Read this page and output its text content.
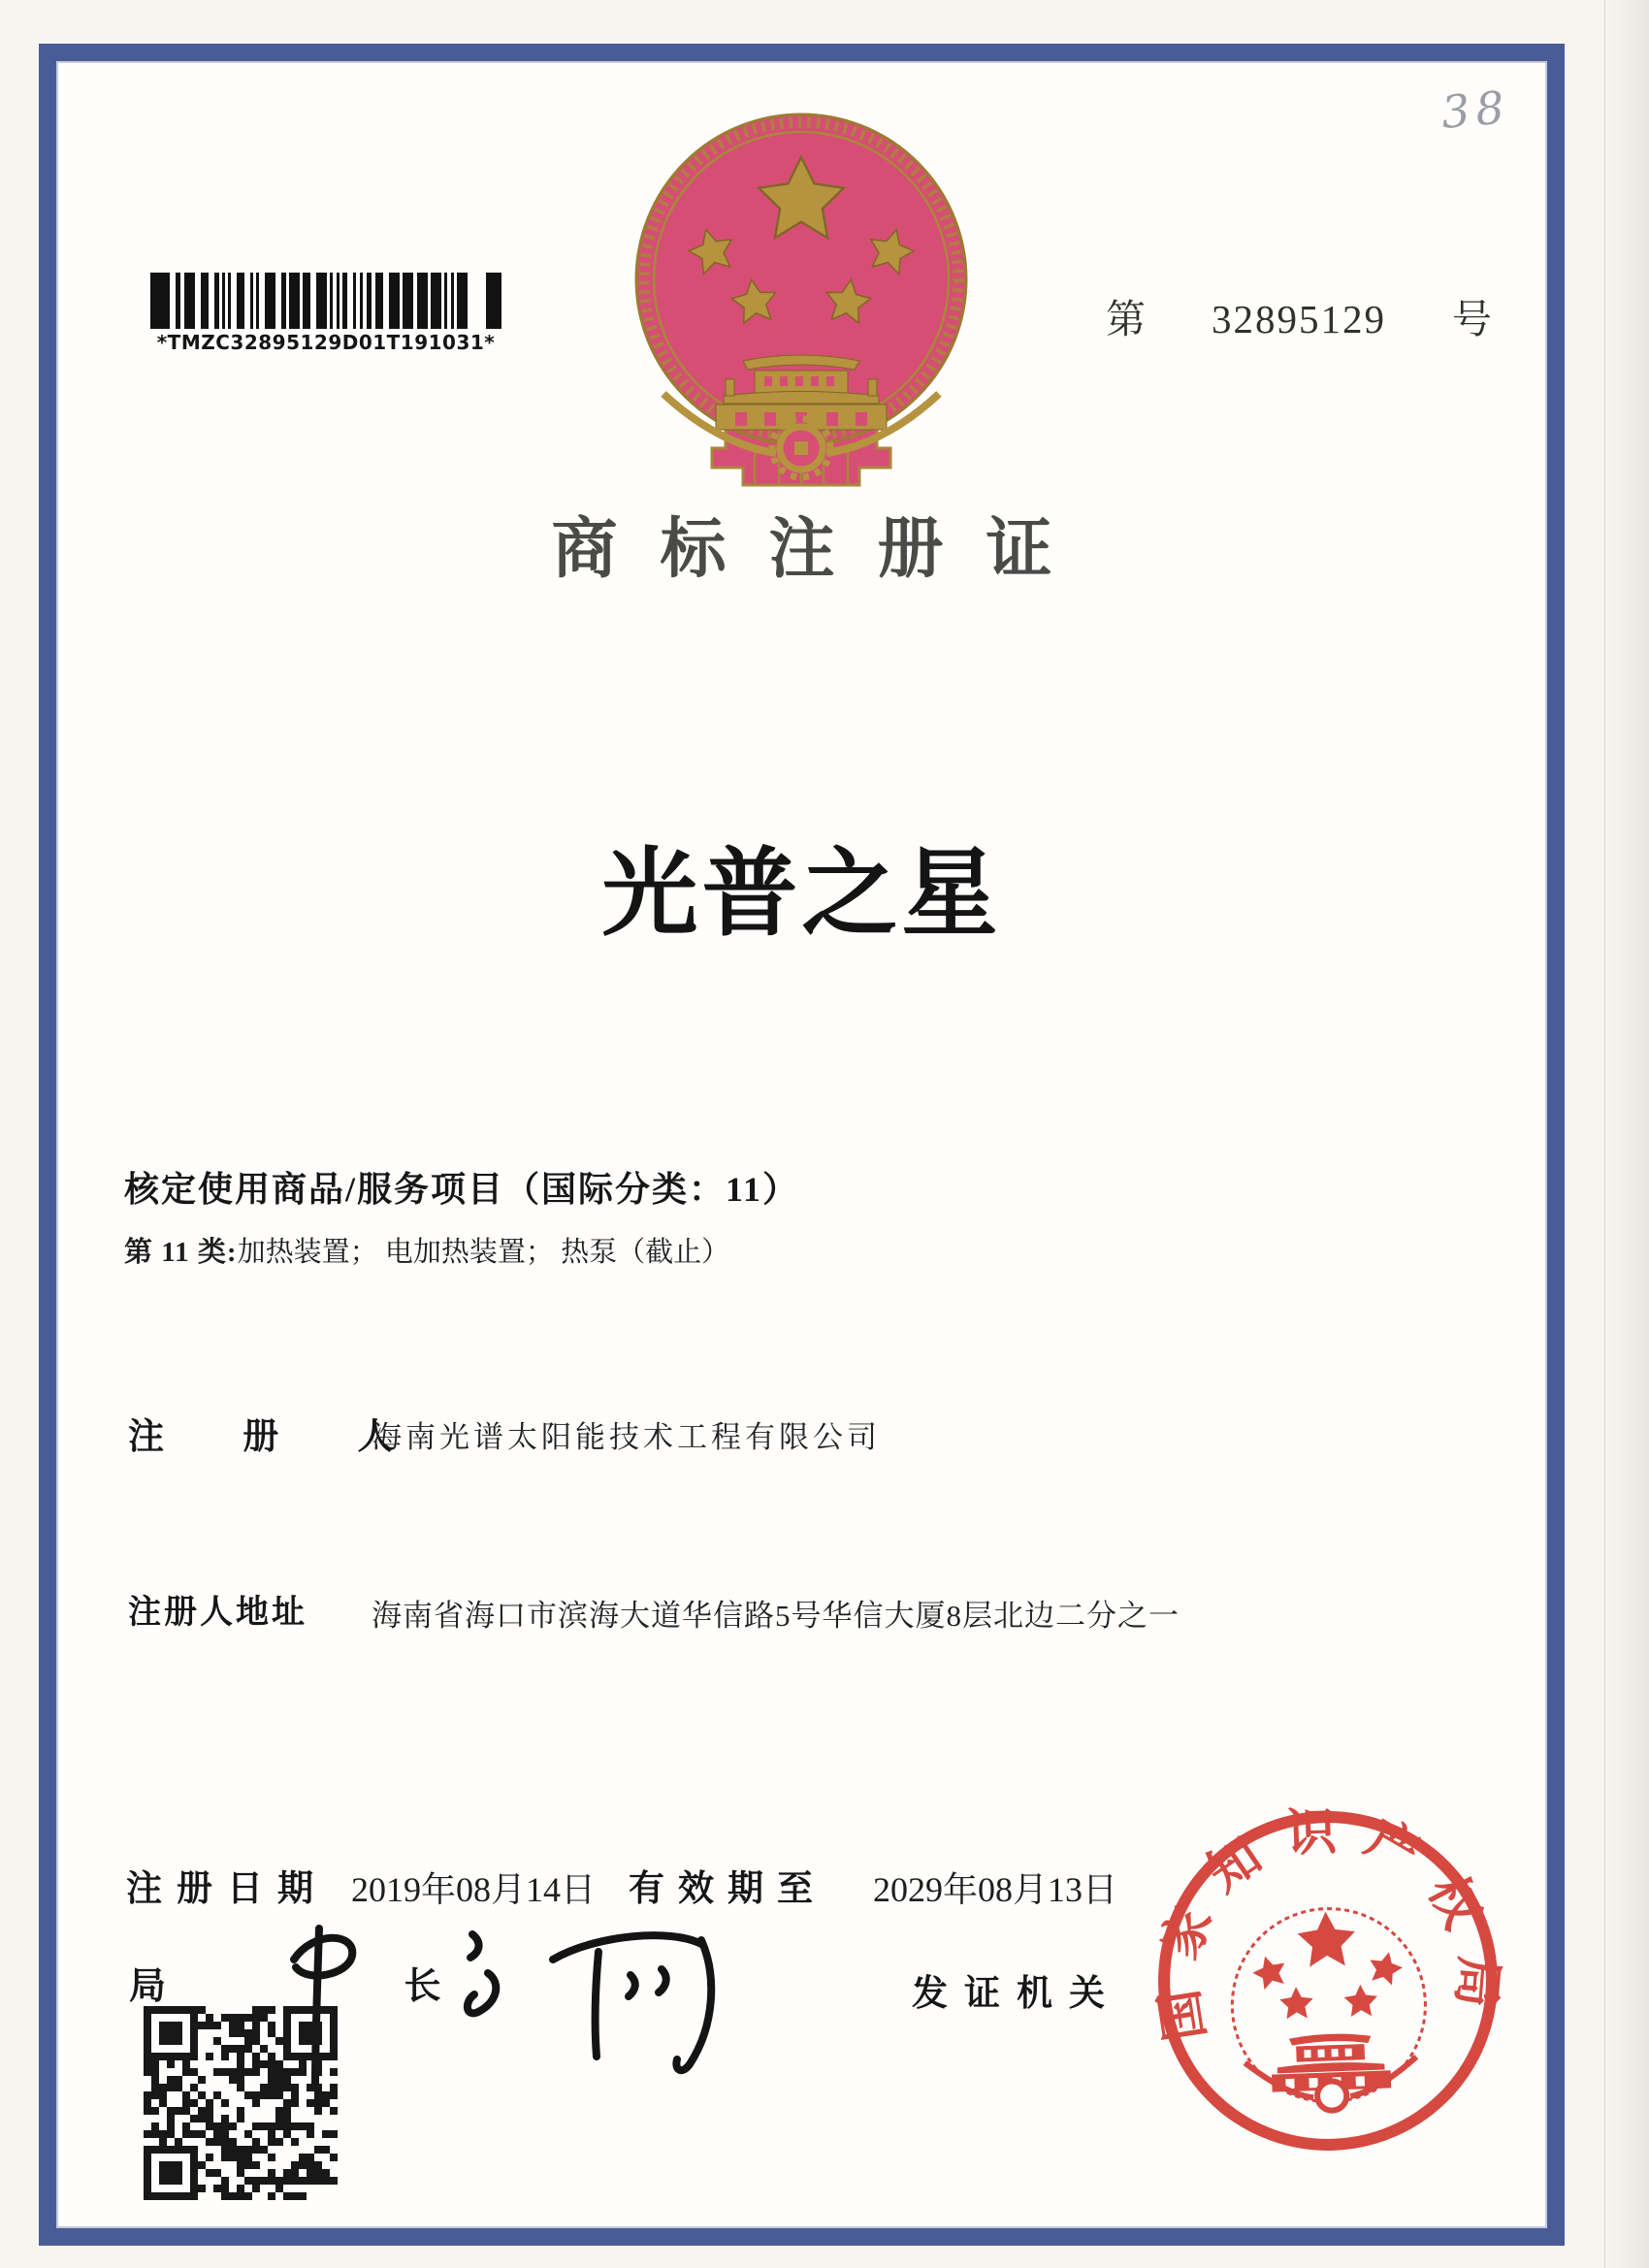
*TMZC32895129D01T191031*
第 32895129 号
38
商标注册证
光普之星
核定使用商品/服务项目（国际分类：11）
第 11 类:加热装置； 电加热装置； 热泵（截止）
注 册 人
海南光谱太阳能技术工程有限公司
注册人地址 海南省海口市滨海大道华信路5号华信大厦8层北边二分之一
注册日期 2019年08月14日 有效期至 2029年08月13日
局 长	发证机关 国家知识产权局
